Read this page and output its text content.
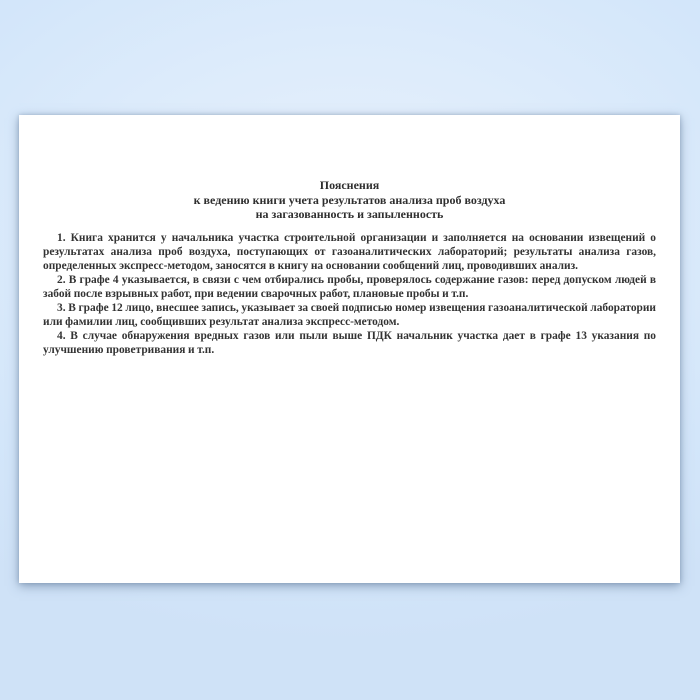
Пояснения
к ведению книги учета результатов анализа проб воздуха
на загазованность и запыленность

1. Книга хранится у начальника участка строительной организации и заполняется на основании извещений о результатах анализа проб воздуха, поступающих от газоаналитических лабораторий; результаты анализа газов, определенных экспресс-методом, заносятся в книгу на основании сообщений лиц, проводивших анализ.

2. В графе 4 указывается, в связи с чем отбирались пробы, проверялось содержание газов: перед допуском людей в забой после взрывных работ, при ведении сварочных работ, плановые пробы и т.п.

3. В графе 12 лицо, внесшее запись, указывает за своей подписью номер извещения газоаналитической лаборатории или фамилии лиц, сообщивших результат анализа экспресс-методом.

4. В случае обнаружения вредных газов или пыли выше ПДК начальник участка дает в графе 13 указания по улучшению проветривания и т.п.
